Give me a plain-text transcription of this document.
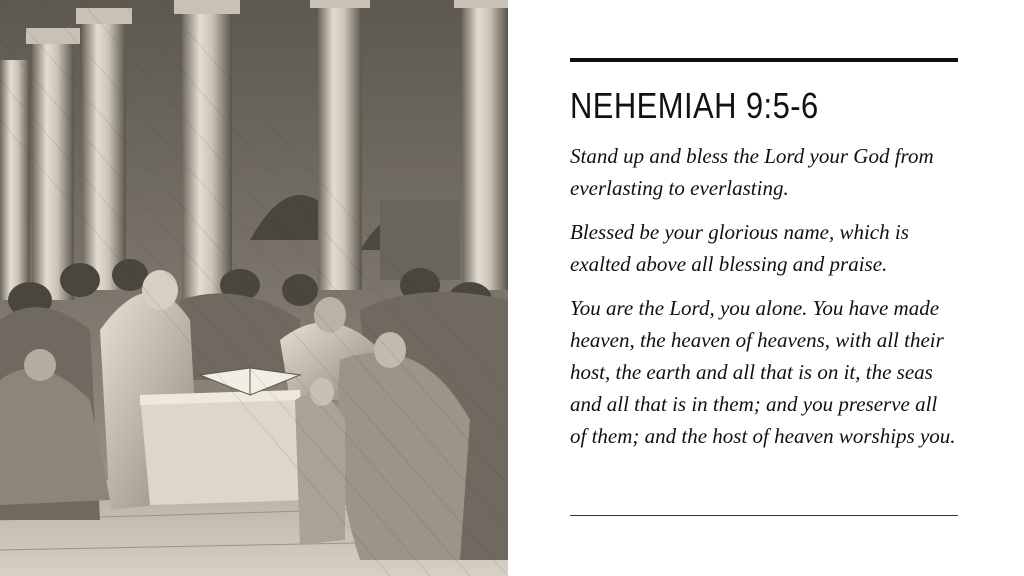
NEHEMIAH 9:5-6

Stand up and bless the Lord your God from everlasting to everlasting.

Blessed be your glorious name, which is exalted above all blessing and praise.

You are the Lord, you alone. You have made heaven, the heaven of heavens, with all their host, the earth and all that is on it, the seas and all that is in them; and you preserve all of them; and the host of heaven worships you.
